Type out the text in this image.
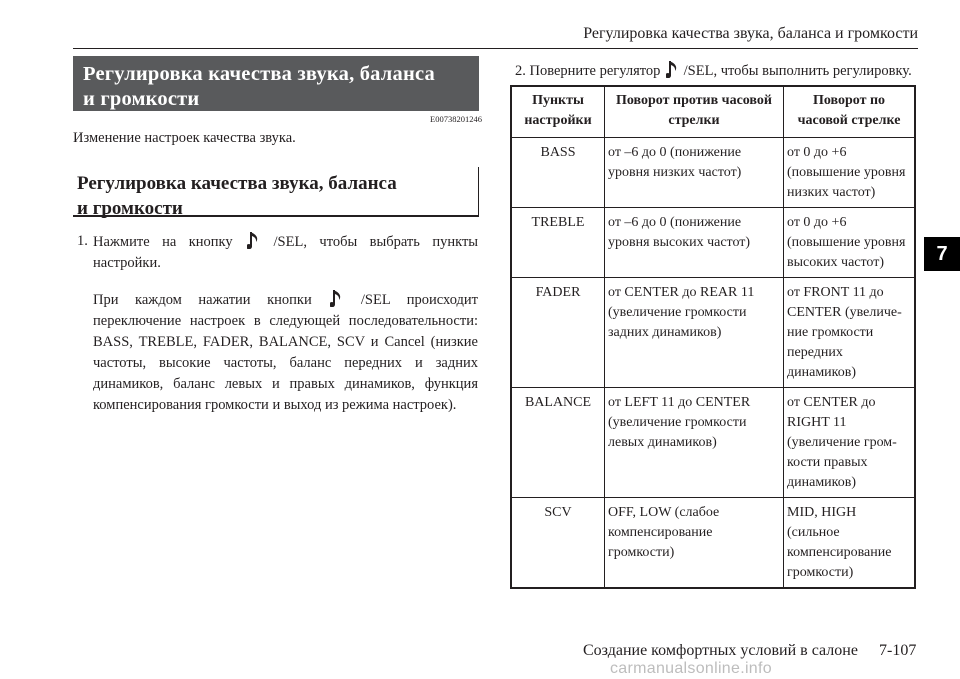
Регулировка качества звука, баланса и громкости
Регулировка качества звука, баланса
и громкости
E00738201246
Изменение настроек качества звука.
Регулировка качества звука, баланса
и громкости
1. Нажмите на кнопку	/SEL, чтобы выбрать пункты настройки.

При каждом нажатии кнопки	/SEL происходит переключение настроек в следующей последовательности: BASS, TREBLE, FADER, BALANCE, SCV и Cancel (низкие частоты, высокие частоты, баланс передних и задних динамиков, баланс левых и правых динамиков, функция компенсирования громкости и выход из режима настроек).

2. Поверните регулятор /SEL, чтобы выполнить регулировку.
Пункты настройки	Поворот против часовой стрелки	Поворот по часовой стрелке
BASS	от –6 до 0 (понижение уровня низких частот)	от 0 до +6 (повышение уровня низких частот)
TREBLE	от –6 до 0 (понижение уровня высоких частот)	от 0 до +6 (повышение уровня высоких частот)
FADER	от CENTER до REAR 11 (увеличение громкости задних динамиков)	от FRONT 11 до CENTER (увеличение громкости передних динамиков)
BALANCE	от LEFT 11 до CENTER (увеличение громкости левых динамиков)	от CENTER до RIGHT 11 (увеличение громкости правых динамиков)
SCV	OFF, LOW (слабое компенсирование громкости)	MID, HIGH (сильное компенсирование громкости)
7
Создание комфортных условий в салоне 7-107
carmanualsonline.info
